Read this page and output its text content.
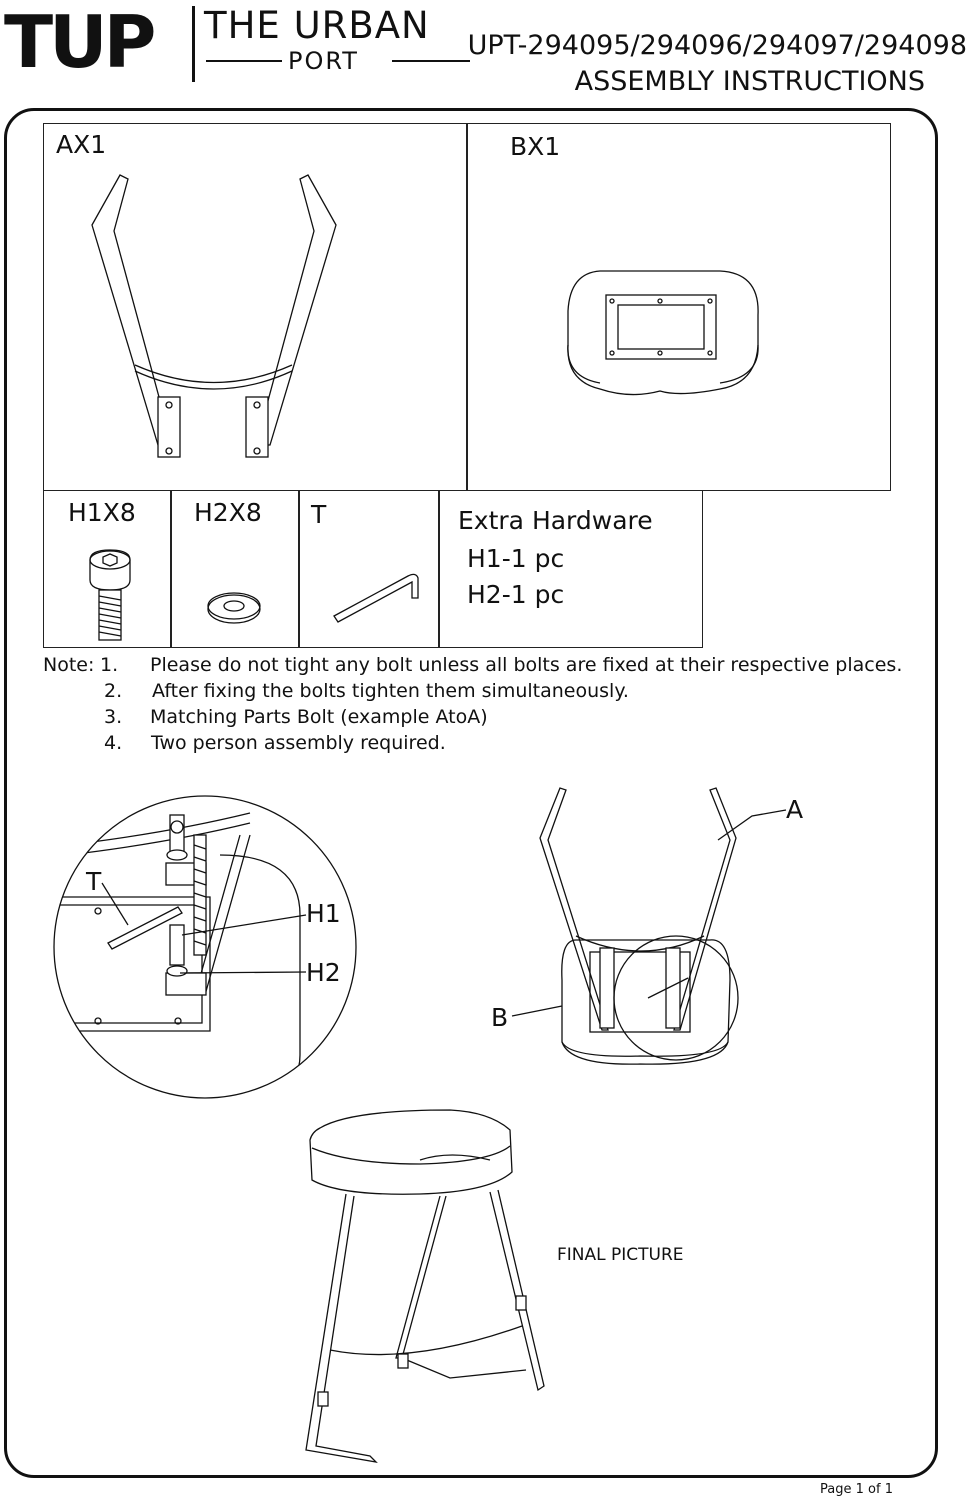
TUP THE URBAN
PORT	UPT-294095/294096/294097/294098
ASSEMBLY INSTRUCTIONS
AX1	BX1
H1X8 H2X8 T	Extra Hardware
H1-1 pc
H2-1 pc
Note: 1. Please do not tight any bolt unless all bolts are fixed at their respective places.
2. After fixing the bolts tighten them simultaneously.
3. Matching Parts Bolt (example AtoA)
4. Two person assembly required.
T
H1
H2
A
B
FINAL PICTURE
Page 1 of 1
